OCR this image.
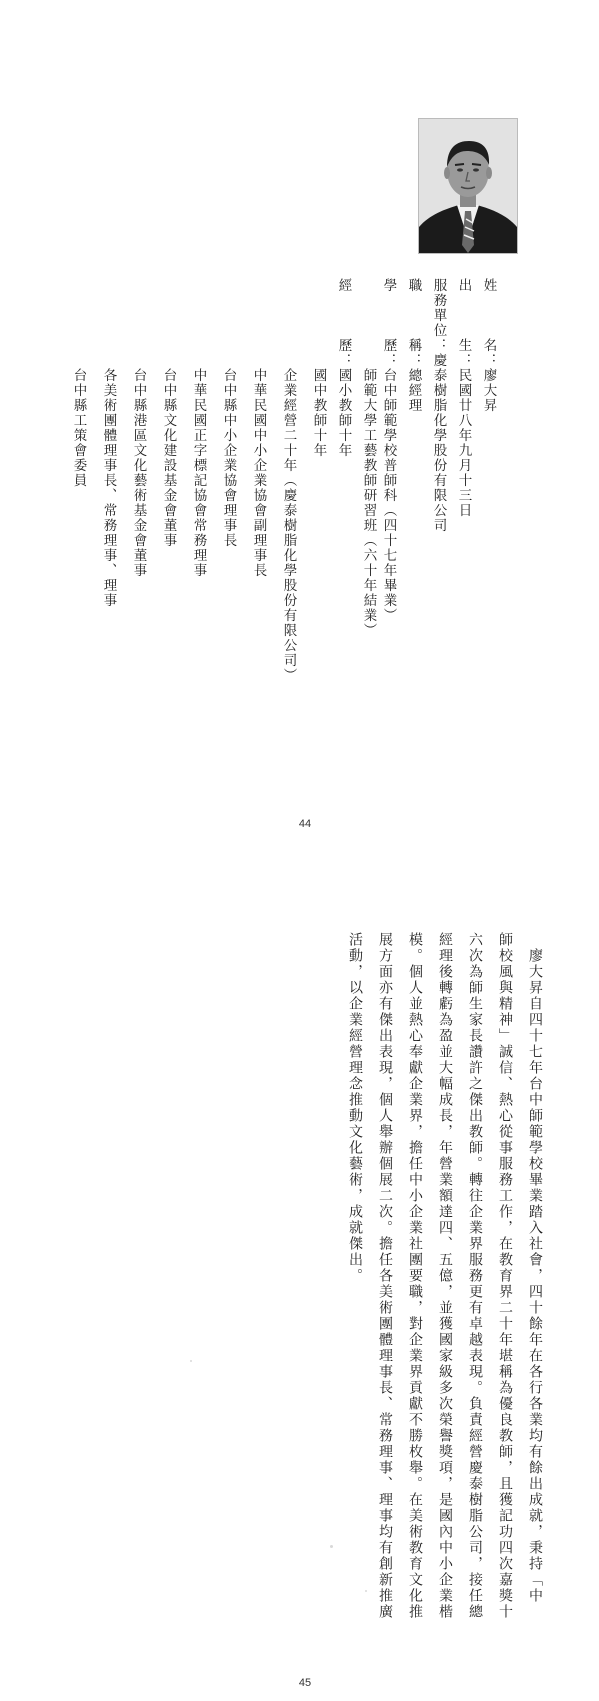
姓　　　名：廖大昇
出　　　生：民國廿八年九月十三日
服務單位：慶泰樹脂化學股份有限公司
職　　　稱：總經理
學　　　歷：台中師範學校普師科（四十七年畢業）
　　　　　　師範大學工藝教師研習班（六十年結業）
經　　　歷：國小教師十年
　　　　　　國中教師十年
　　　　　　企業經營二十年（慶泰樹脂化學股份有限公司）
　　　　　　中華民國中小企業協會副理事長
　　　　　　台中縣中小企業協會理事長
　　　　　　中華民國正字標記協會常務理事
　　　　　　台中縣文化建設基金會董事
　　　　　　台中縣港區文化藝術基金會董事
　　　　　　各美術團體理事長、常務理事、理事
　　　　　　台中縣工策會委員
44
　廖大昇自四十七年台中師範學校畢業踏入社會，四十餘年在各行各業均有餘出成就，秉持「中
師校風與精神」誠信、熱心從事服務工作，在教育界二十年堪稱為優良教師，且獲記功四次嘉獎十
六次為師生家長讚許之傑出教師。轉往企業界服務更有卓越表現。負責經營慶泰樹脂公司，接任總
經理後轉虧為盈並大幅成長，年營業額達四、五億，並獲國家級多次榮譽獎項，是國內中小企業楷
模。個人並熱心奉獻企業界，擔任中小企業社團要職，對企業界貢獻不勝枚舉。在美術教育文化推
展方面亦有傑出表現，個人舉辦個展二次。擔任各美術團體理事長、常務理事、理事均有創新推廣
活動，以企業經營理念推動文化藝術，成就傑出。
45
